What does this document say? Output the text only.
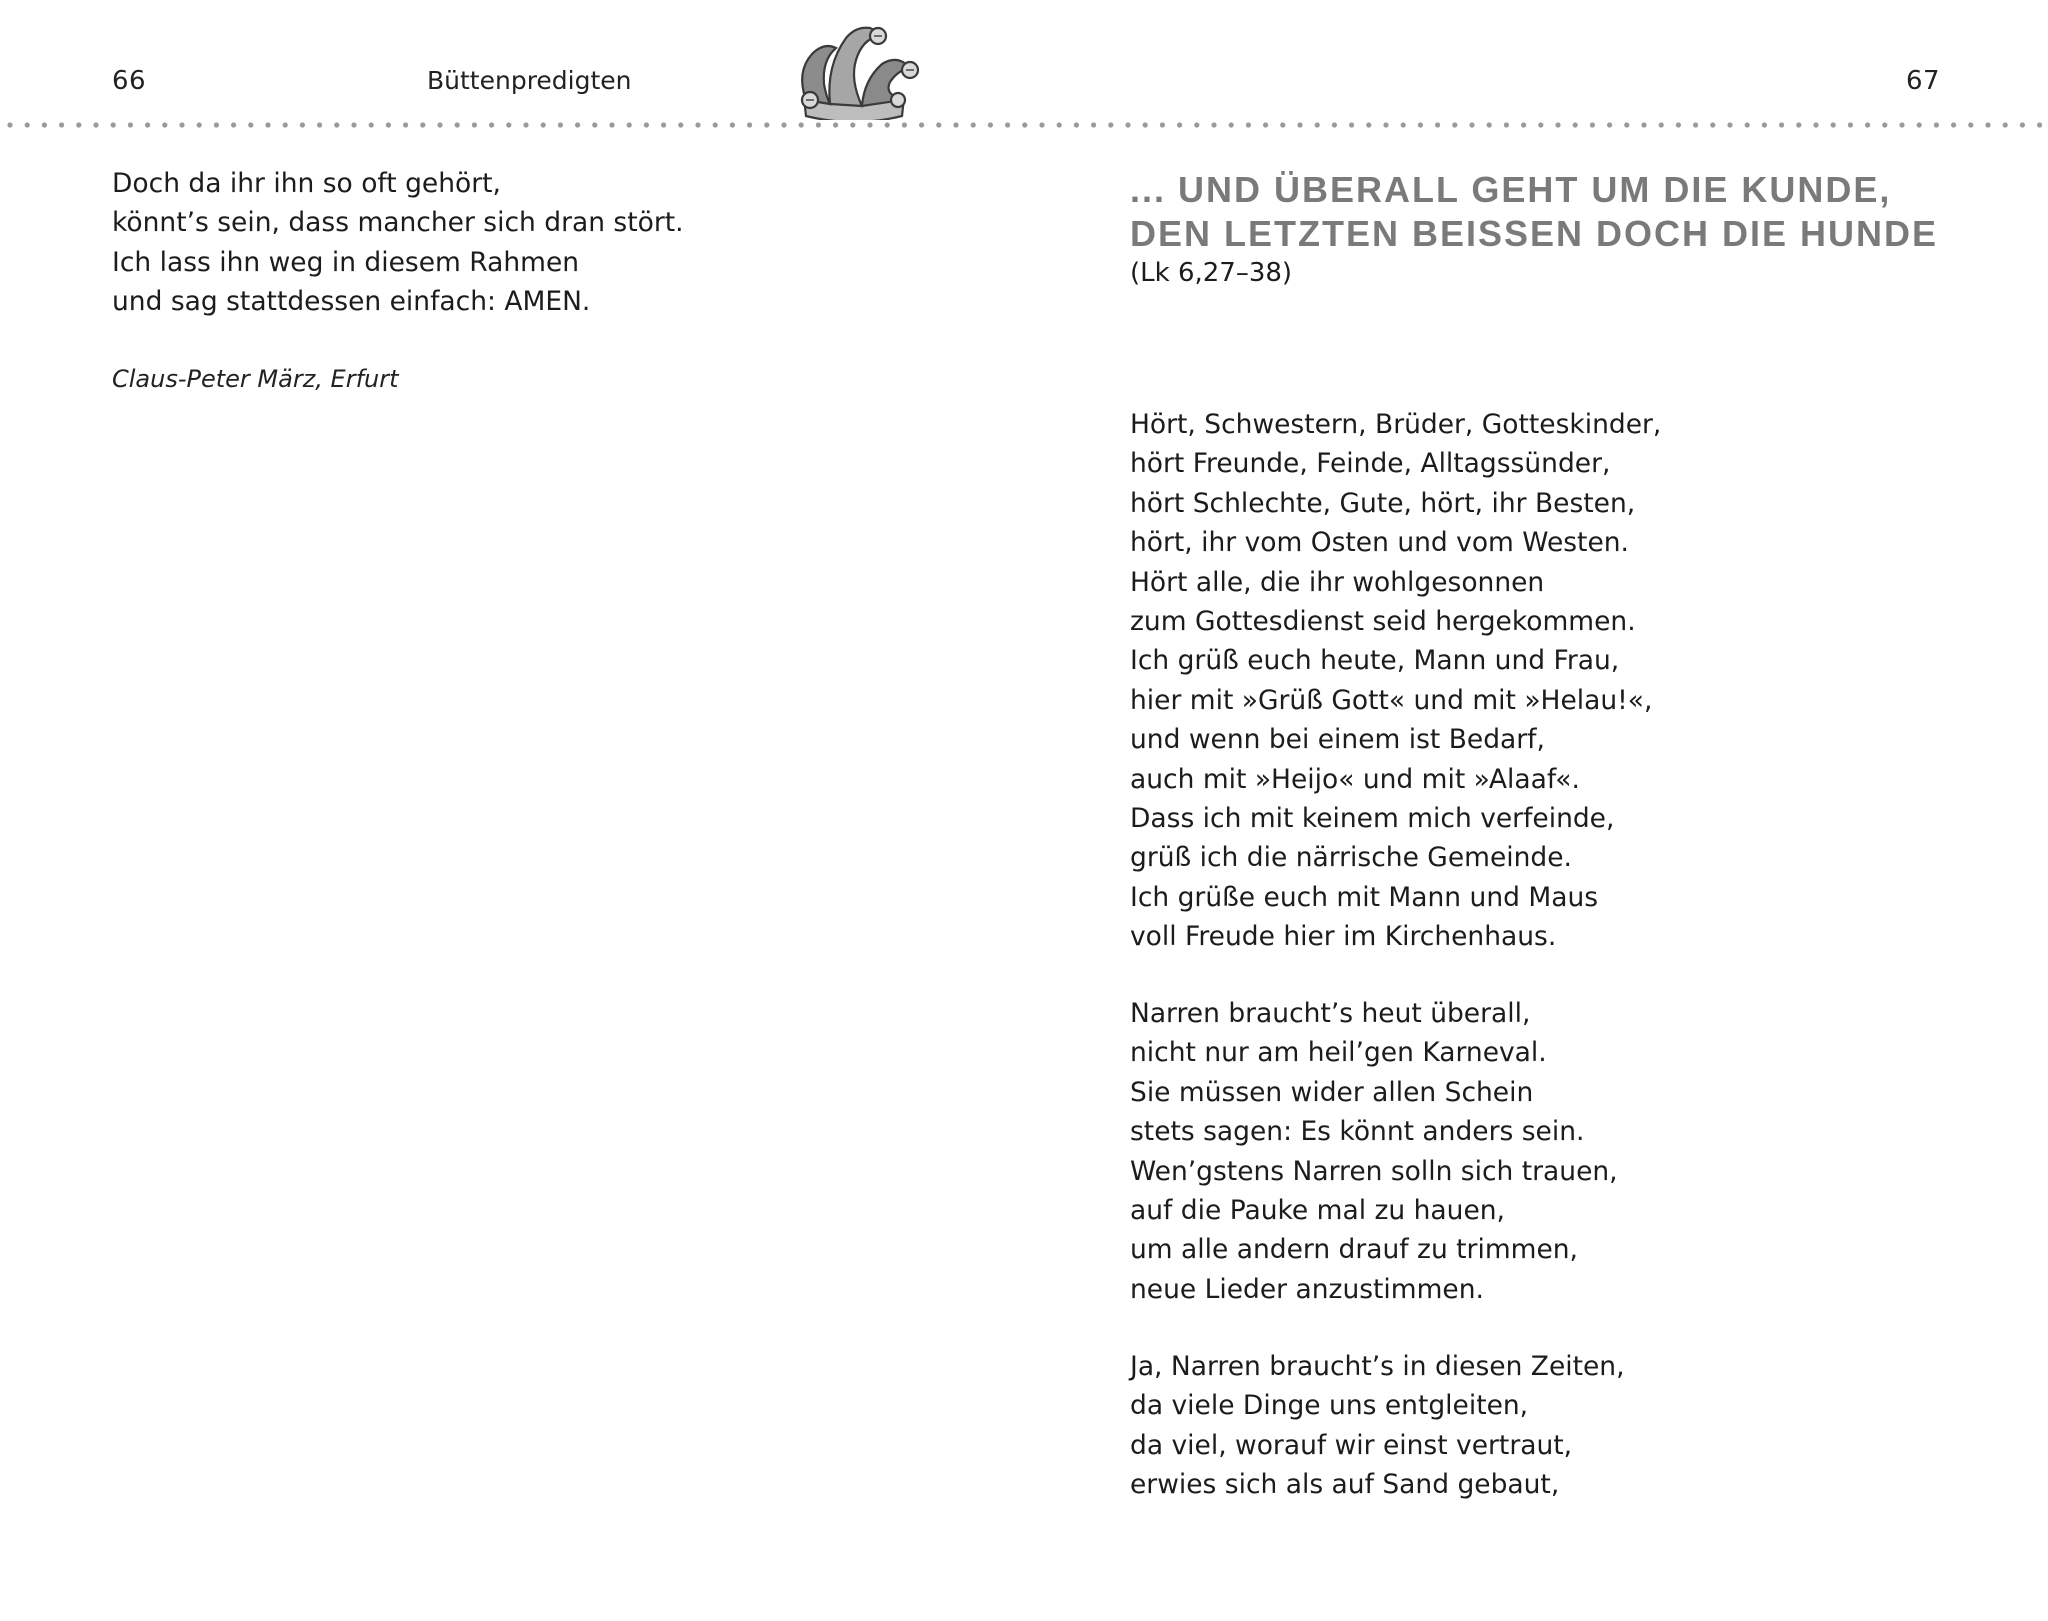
66	Büttenpredigten	67
Doch da ihr ihn so oft gehört,
könnt’s sein, dass mancher sich dran stört.
Ich lass ihn weg in diesem Rahmen
und sag stattdessen einfach: AMEN.
Claus-Peter März, Erfurt
... UND ÜBERALL GEHT UM DIE KUNDE,
DEN LETZTEN BEISSEN DOCH DIE HUNDE
(Lk 6,27–38)
Hört, Schwestern, Brüder, Gotteskinder,
hört Freunde, Feinde, Alltagssünder,
hört Schlechte, Gute, hört, ihr Besten,
hört, ihr vom Osten und vom Westen.
Hört alle, die ihr wohlgesonnen
zum Gottesdienst seid hergekommen.
Ich grüß euch heute, Mann und Frau,
hier mit »Grüß Gott« und mit »Helau!«,
und wenn bei einem ist Bedarf,
auch mit »Heijo« und mit »Alaaf«.
Dass ich mit keinem mich verfeinde,
grüß ich die närrische Gemeinde.
Ich grüße euch mit Mann und Maus
voll Freude hier im Kirchenhaus.
Narren braucht’s heut überall,
nicht nur am heil’gen Karneval.
Sie müssen wider allen Schein
stets sagen: Es könnt anders sein.
Wen’gstens Narren solln sich trauen,
auf die Pauke mal zu hauen,
um alle andern drauf zu trimmen,
neue Lieder anzustimmen.
Ja, Narren braucht’s in diesen Zeiten,
da viele Dinge uns entgleiten,
da viel, worauf wir einst vertraut,
erwies sich als auf Sand gebaut,
